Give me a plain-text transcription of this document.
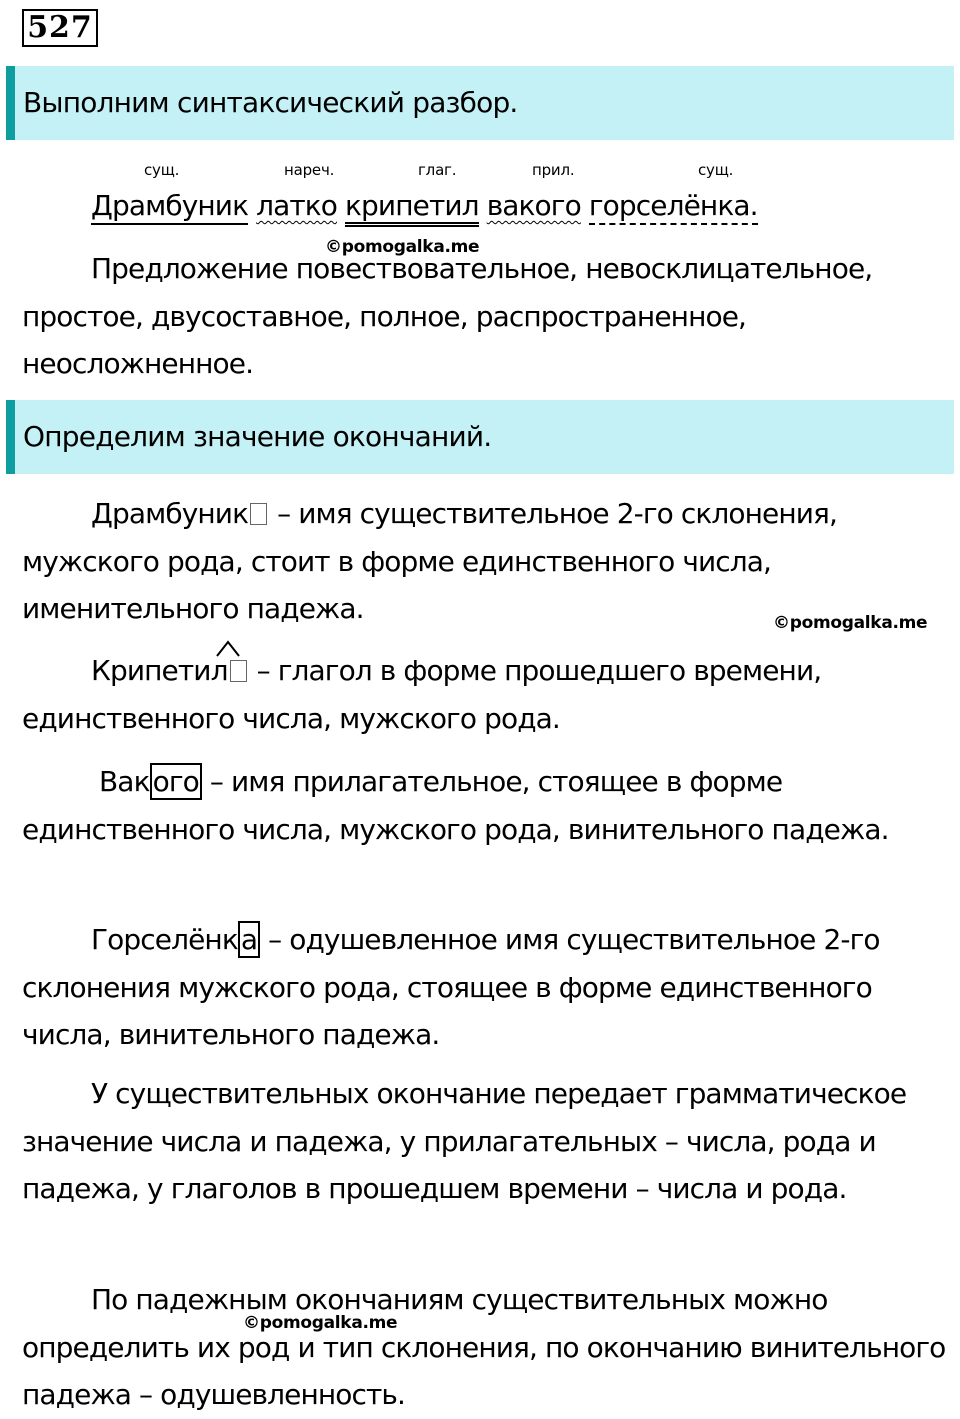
527
Выполним синтаксический разбор.
сущ.	нареч.	глаг.	прил.	сущ.
Драмбуник латко крипетил вакого горселёнка.
©pomogalka.me
Предложение повествовательное, невосклицательное, простое, двусоставное, полное, распространенное, неосложненное.
Определим значение окончаний.
Драмбуник – имя существительное 2-го склонения, мужского рода, стоит в форме единственного числа, именительного падежа.	©pomogalka.me
Крипетил
– глагол в форме прошедшего времени, единственного числа, мужского рода.
Вак ого – имя прилагательное, стоящее в форме единственного числа, мужского рода, винительного падежа.
Горселёнк а – одушевленное имя существительное 2-го склонения мужского рода, стоящее в форме единственного числа, винительного падежа.
У существительных окончание передает грамматическое значение числа и падежа, у прилагательных – числа, рода и падежа, у глаголов в прошедшем времени – числа и рода.
По падежным окончаниям существительных можно определить их род и тип склонения, по окончанию винительного падежа – одушевленность.
©pomogalka.me
